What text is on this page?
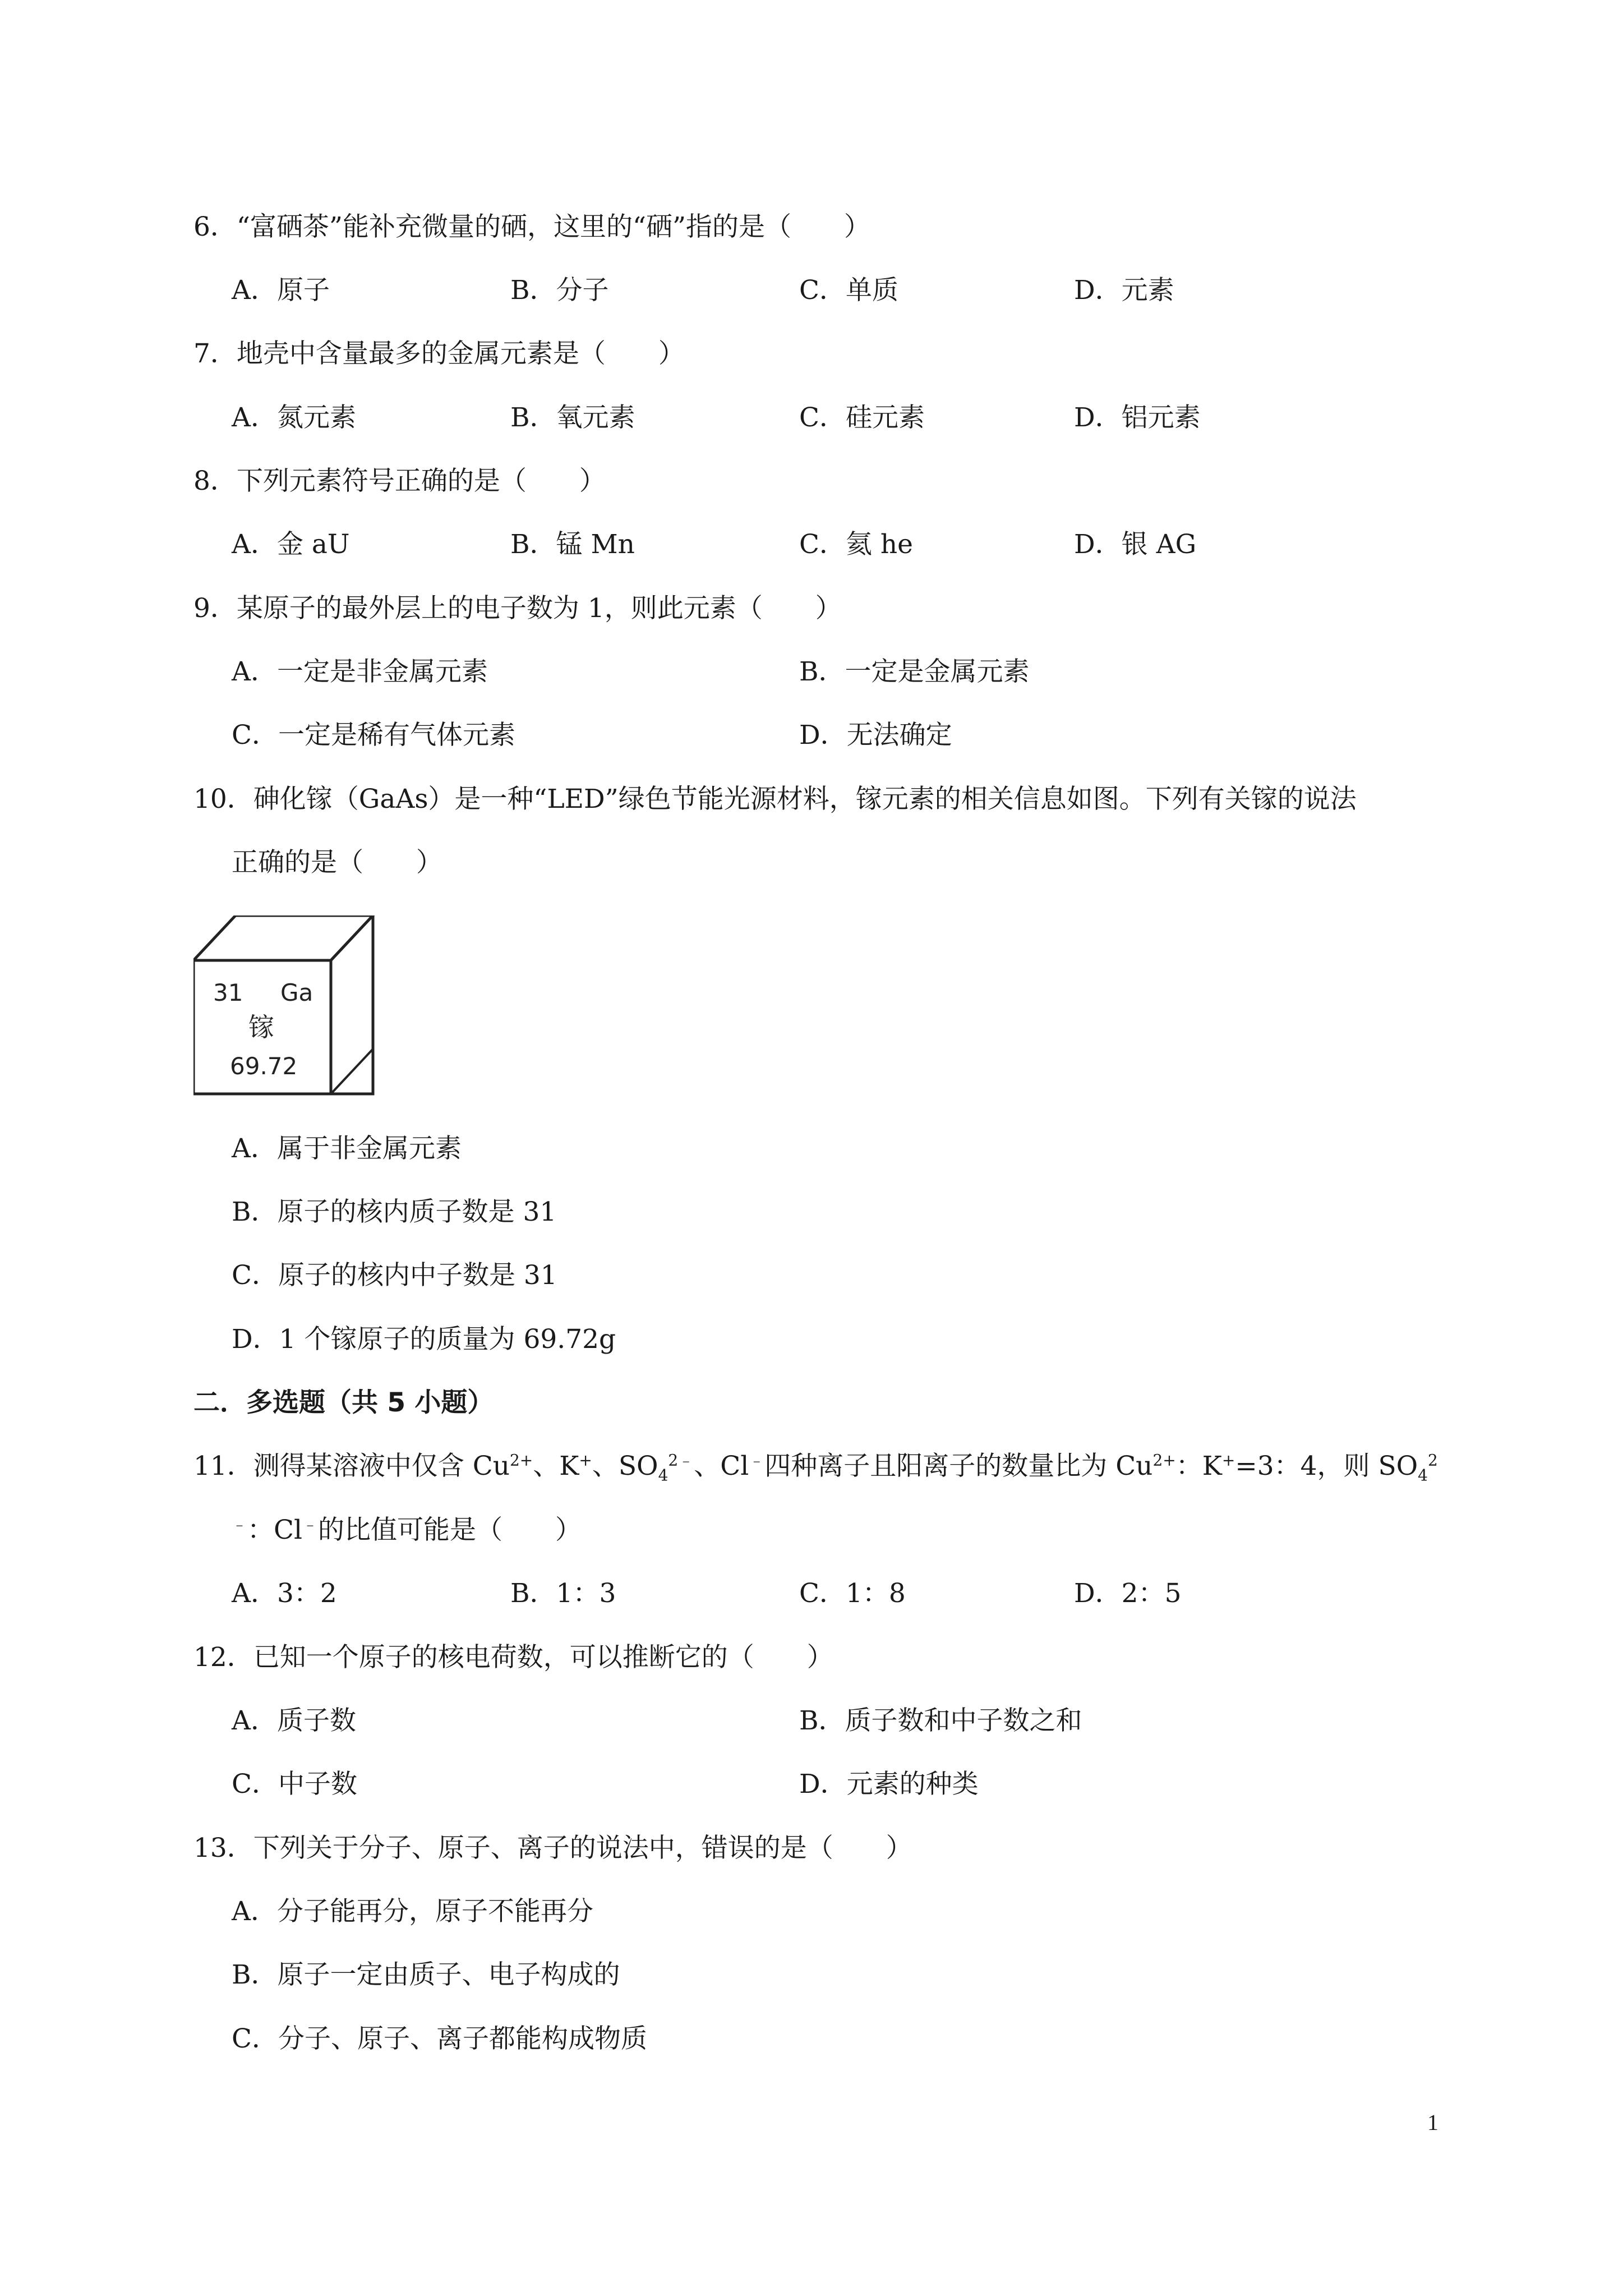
6．“富硒茶”能补充微量的硒，这里的“硒”指的是（　　）
A．原子	B．分子	C．单质	D．元素
7．地壳中含量最多的金属元素是（　　）
A．氮元素	B．氧元素	C．硅元素	D．铝元素
8．下列元素符号正确的是（　　）
A．金 aU	B．锰 Mn	C．氦 he	D．银 AG
9．某原子的最外层上的电子数为 1，则此元素（　　）
A．一定是非金属元素	B．一定是金属元素
C．一定是稀有气体元素	D．无法确定
10．砷化镓（GaAs）是一种“LED”绿色节能光源材料，镓元素的相关信息如图。下列有关镓的说法
正确的是（　　）
31 Ga
镓
69.72
A．属于非金属元素
B．原子的核内质子数是 31
C．原子的核内中子数是 31
D．1 个镓原子的质量为 69.72g
二．多选题（共 5 小题）
11．测得某溶液中仅含 $Cu^{2+}$、K+、$SO_4^{2﹣}$、Cl﹣四种离子且阳离子的数量比为 $Cu^{2+}$：K+=3：4，则 $SO_4^2$
﹣：Cl﹣的比值可能是（　　）
A．3：2	B．1：3	C．1：8	D．2：5
12．已知一个原子的核电荷数，可以推断它的（　　）
A．质子数	B．质子数和中子数之和
C．中子数	D．元素的种类
13．下列关于分子、原子、离子的说法中，错误的是（　　）
A．分子能再分，原子不能再分
B．原子一定由质子、电子构成的
C．分子、原子、离子都能构成物质
1
